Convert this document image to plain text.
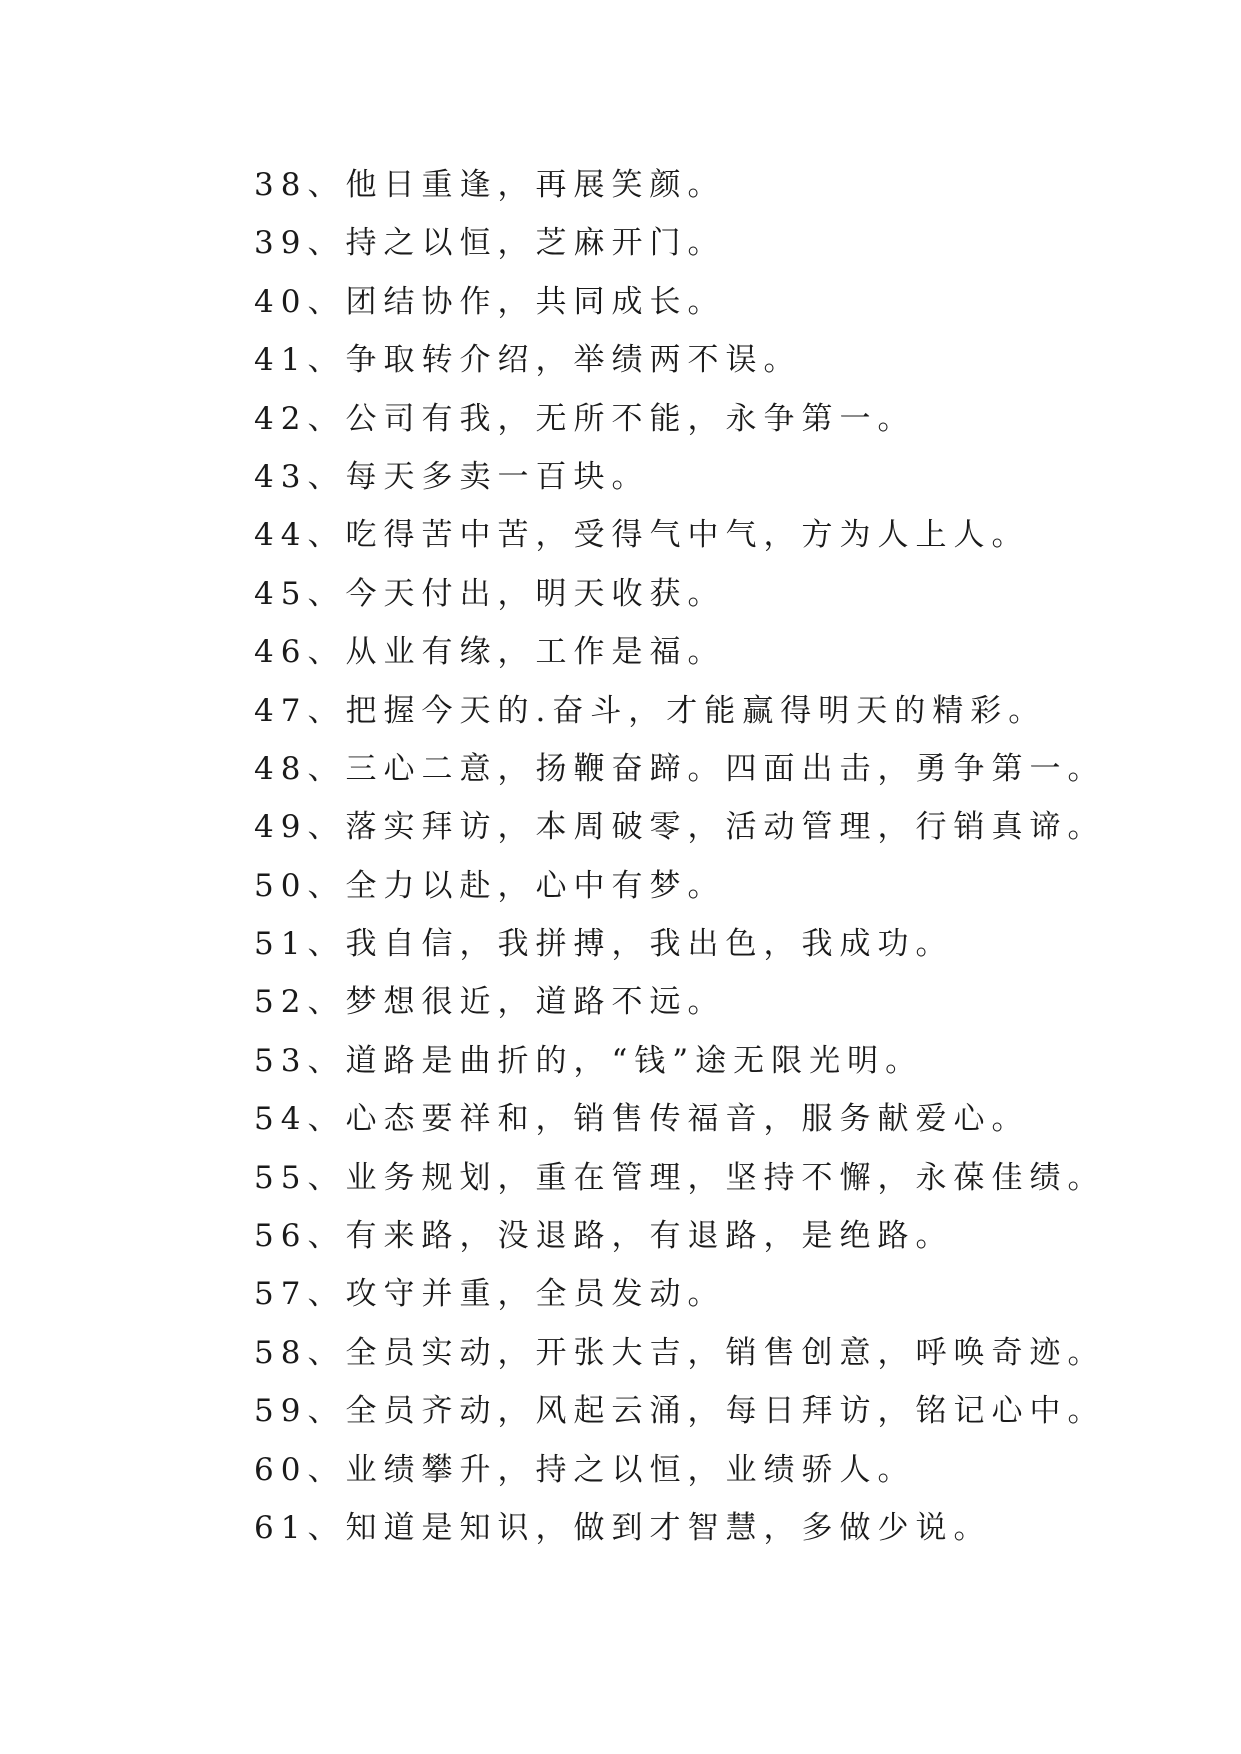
38、他日重逢，再展笑颜。
39、持之以恒，芝麻开门。
40、团结协作，共同成长。
41、争取转介绍，举绩两不误。
42、公司有我，无所不能，永争第一。
43、每天多卖一百块。
44、吃得苦中苦，受得气中气，方为人上人。
45、今天付出，明天收获。
46、从业有缘，工作是福。
47、把握今天的.奋斗，才能赢得明天的精彩。
48、三心二意，扬鞭奋蹄。四面出击，勇争第一。
49、落实拜访，本周破零，活动管理，行销真谛。
50、全力以赴，心中有梦。
51、我自信，我拼搏，我出色，我成功。
52、梦想很近，道路不远。
53、道路是曲折的，“钱”途无限光明。
54、心态要祥和，销售传福音，服务献爱心。
55、业务规划，重在管理，坚持不懈，永葆佳绩。
56、有来路，没退路，有退路，是绝路。
57、攻守并重，全员发动。
58、全员实动，开张大吉，销售创意，呼唤奇迹。
59、全员齐动，风起云涌，每日拜访，铭记心中。
60、业绩攀升，持之以恒，业绩骄人。
61、知道是知识，做到才智慧，多做少说。
